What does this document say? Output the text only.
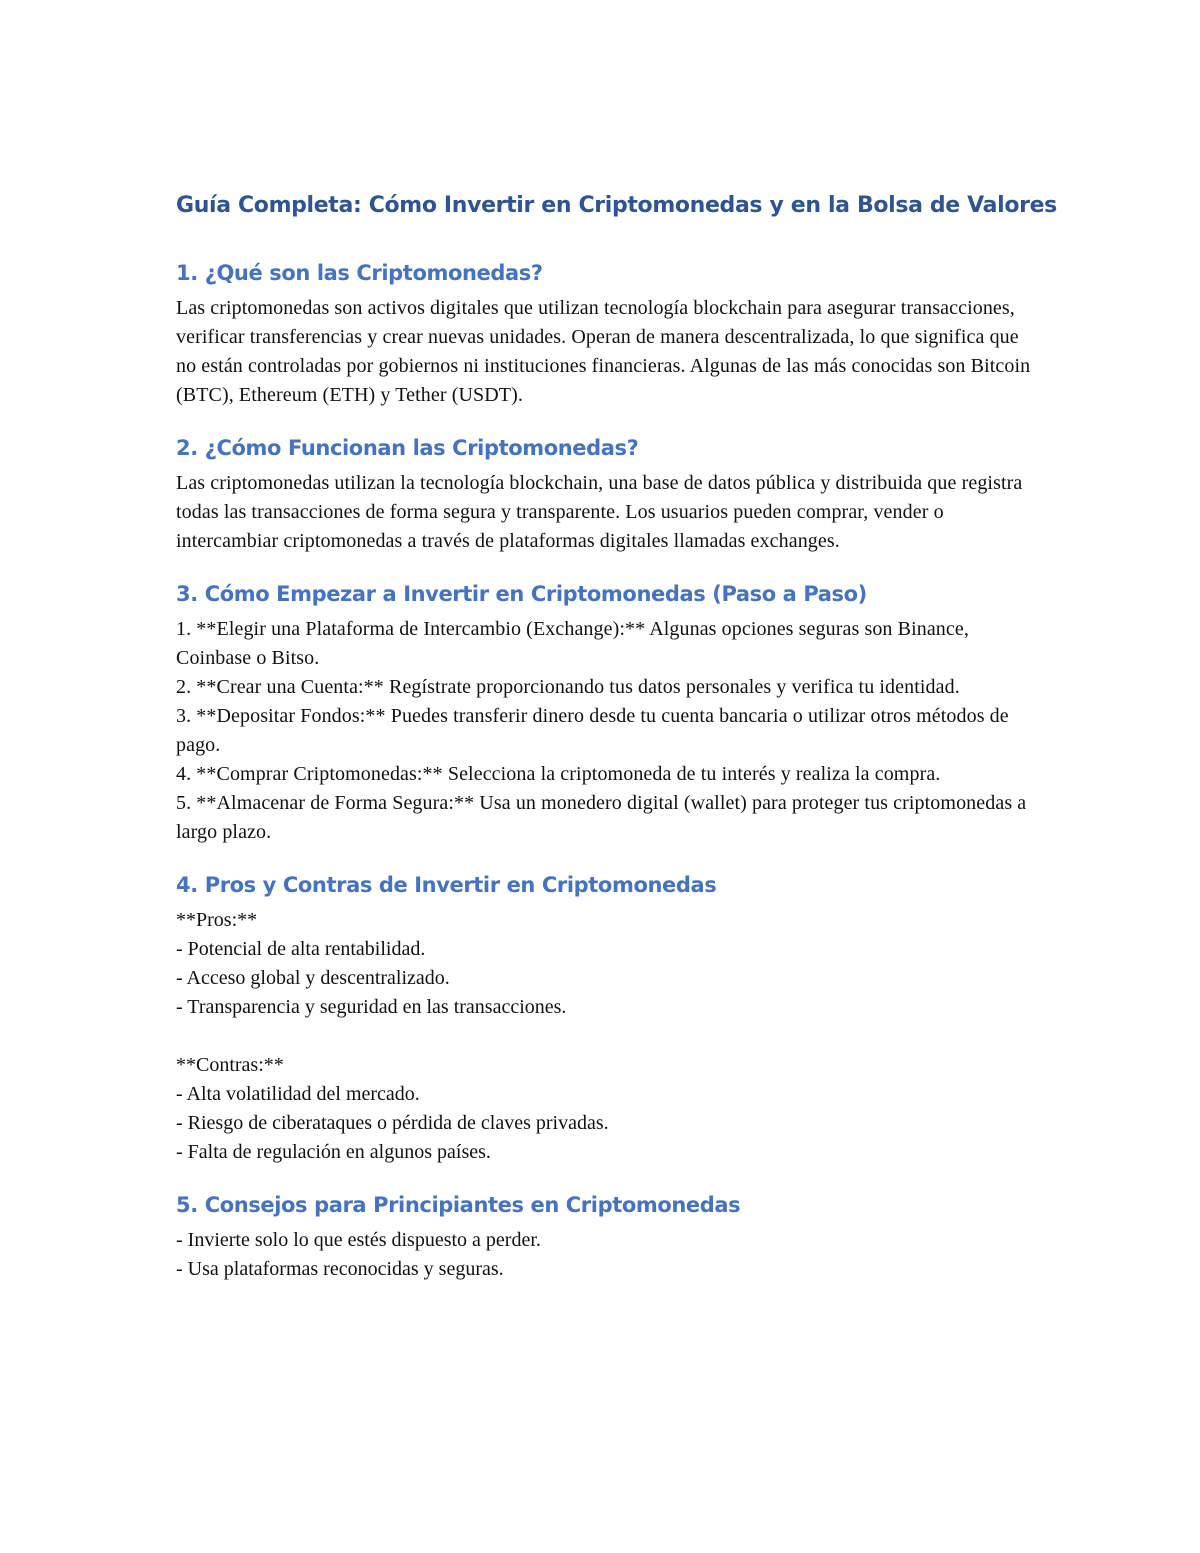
Guía Completa: Cómo Invertir en Criptomonedas y en la Bolsa de Valores
1. ¿Qué son las Criptomonedas?

Las criptomonedas son activos digitales que utilizan tecnología blockchain para asegurar transacciones, verificar transferencias y crear nuevas unidades. Operan de manera descentralizada, lo que significa que no están controladas por gobiernos ni instituciones financieras. Algunas de las más conocidas son Bitcoin (BTC), Ethereum (ETH) y Tether (USDT).

2. ¿Cómo Funcionan las Criptomonedas?

Las criptomonedas utilizan la tecnología blockchain, una base de datos pública y distribuida que registra todas las transacciones de forma segura y transparente. Los usuarios pueden comprar, vender o intercambiar criptomonedas a través de plataformas digitales llamadas exchanges.

3. Cómo Empezar a Invertir en Criptomonedas (Paso a Paso)

1. **Elegir una Plataforma de Intercambio (Exchange):** Algunas opciones seguras son Binance, Coinbase o Bitso.

2. **Crear una Cuenta:** Regístrate proporcionando tus datos personales y verifica tu identidad.

3. **Depositar Fondos:** Puedes transferir dinero desde tu cuenta bancaria o utilizar otros métodos de pago.

4. **Comprar Criptomonedas:** Selecciona la criptomoneda de tu interés y realiza la compra.

5. **Almacenar de Forma Segura:** Usa un monedero digital (wallet) para proteger tus criptomonedas a largo plazo.

4. Pros y Contras de Invertir en Criptomonedas
**Pros:**
- Potencial de alta rentabilidad.
- Acceso global y descentralizado.
- Transparencia y seguridad en las transacciones.
**Contras:**
- Alta volatilidad del mercado.
- Riesgo de ciberataques o pérdida de claves privadas.
- Falta de regulación en algunos países.
5. Consejos para Principiantes en Criptomonedas
- Invierte solo lo que estés dispuesto a perder.
- Usa plataformas reconocidas y seguras.
